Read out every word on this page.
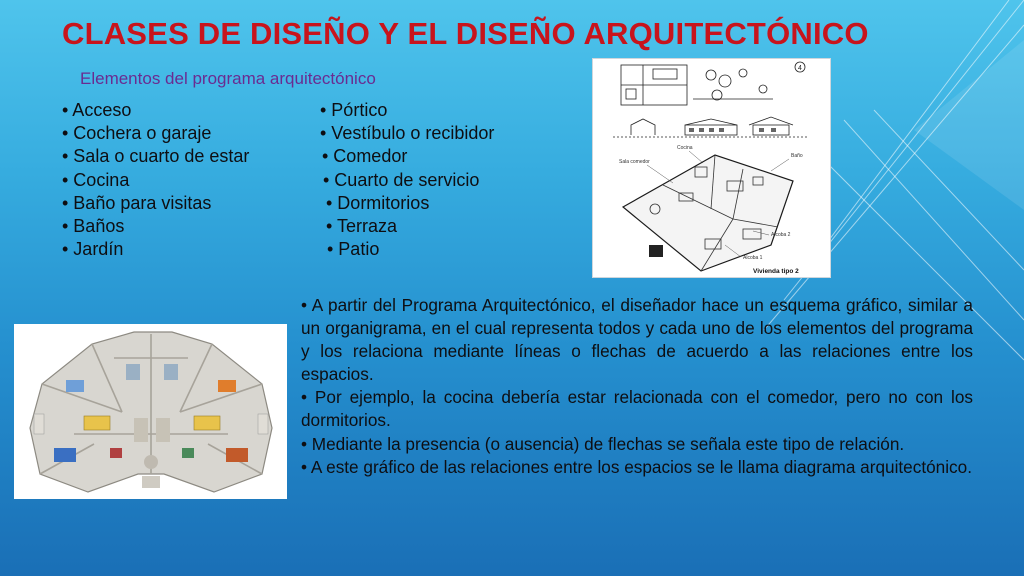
CLASES DE DISEÑO Y EL DISEÑO ARQUITECTÓNICO
Elementos del programa arquitectónico
• Acceso
• Cochera o garaje
• Sala o cuarto de estar
• Cocina
• Baño para visitas
• Baños
• Jardín
• Pórtico
• Vestíbulo o recibidor
• Comedor
• Cuarto de servicio
• Dormitorios
• Terraza
• Patio
4
Cocina
Sala comedor
Baño
Alcoba 2
Alcoba 1
Vivienda tipo 2

• A partir del Programa Arquitectónico, el diseñador hace un esquema gráfico, similar a un organigrama, en el cual representa todos y cada uno de los elementos del programa y los relaciona mediante líneas o flechas de acuerdo a las relaciones entre los espacios.

• Por ejemplo, la cocina debería estar relacionada con el comedor, pero no con los dormitorios.

• Mediante la presencia (o ausencia) de flechas se señala este tipo de relación.

• A este gráfico de las relaciones entre los espacios se le llama diagrama arquitectónico.
